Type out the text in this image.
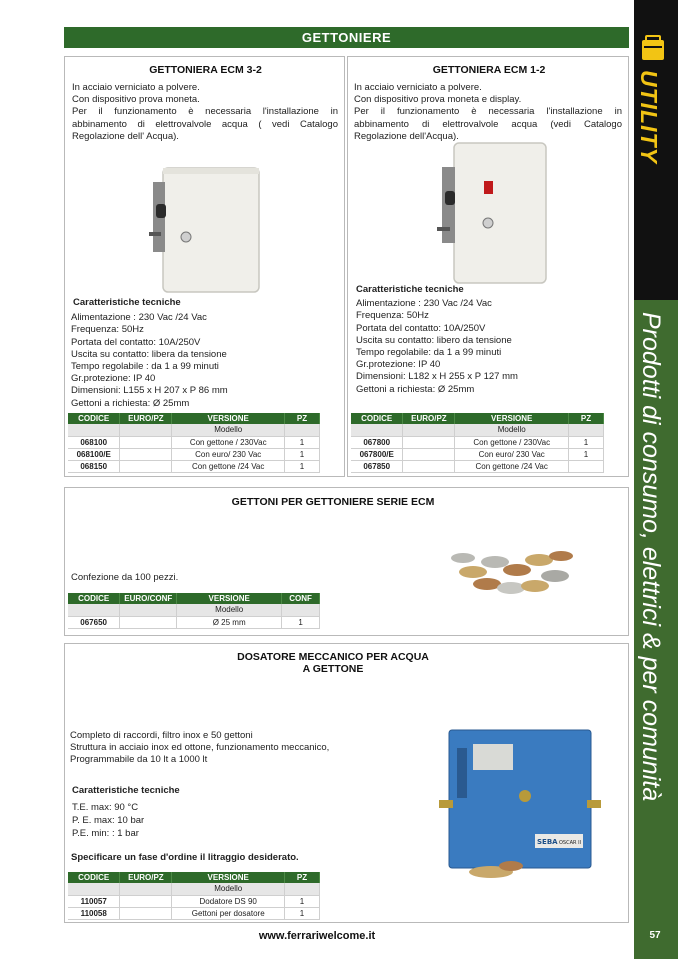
UTILITY
Prodotti di consumo, elettrici & per comunità
57
GETTONIERE
GETTONIERA ECM 3-2
In acciaio verniciato a polvere.
Con dispositivo prova moneta.
Per il funzionamento è necessaria l'installazione in abbinamento di elettrovalvole acqua ( vedi Catalogo Regolazione dell' Acqua).
Caratteristiche tecniche
Alimentazione : 230 Vac /24 Vac
Frequenza: 50Hz
Portata del contatto: 10A/250V
Uscita su contatto: libera da tensione
Tempo regolabile : da 1 a 99 minuti
Gr.protezione: IP 40
Dimensioni: L155 x H 207 x P 86 mm
Gettoni a richiesta: Ø 25mm
CODICE	EURO/PZ	VERSIONE	PZ
		Modello	
068100		Con gettone / 230Vac	1
068100/E		Con euro/ 230 Vac	1
068150		Con gettone /24 Vac	1
GETTONIERA ECM 1-2
In acciaio verniciato a polvere.
Con dispositivo prova moneta e display.
Per il funzionamento è necessaria l'installazione in abbinamento di elettrovalvole acqua (vedi Catalogo Regolazione dell'Acqua).
Caratteristiche tecniche
Alimentazione : 230 Vac /24 Vac
Frequenza: 50Hz
Portata del contatto: 10A/250V
Uscita su contatto: libero da tensione
Tempo regolabile: da 1 a 99 minuti
Gr.protezione: IP 40
Dimensioni: L182 x H 255 x P 127 mm
Gettoni a richiesta: Ø 25mm
CODICE	EURO/PZ	VERSIONE	PZ
		Modello	
067800		Con gettone / 230Vac	1
067800/E		Con euro/ 230 Vac	1
067850		Con gettone /24 Vac	
GETTONI PER GETTONIERE SERIE ECM
Confezione da 100 pezzi.
CODICE	EURO/CONF	VERSIONE	CONF
		Modello	
067650		Ø 25 mm	1
DOSATORE MECCANICO PER ACQUA
A GETTONE
Completo di raccordi, filtro inox e 50 gettoni
Struttura in acciaio inox ed ottone, funzionamento meccanico,
Programmabile da 10 lt a 1000 lt
Caratteristiche tecniche
T.E. max: 90 °C
P. E. max: 10 bar
P.E. min: : 1 bar
Specificare un fase d'ordine il litraggio desiderato.
SEBA OSCAR II
CODICE	EURO/PZ	VERSIONE	PZ
		Modello	
110057		Dodatore DS 90	1
110058		Gettoni per dosatore	1
www.ferrariwelcome.it
